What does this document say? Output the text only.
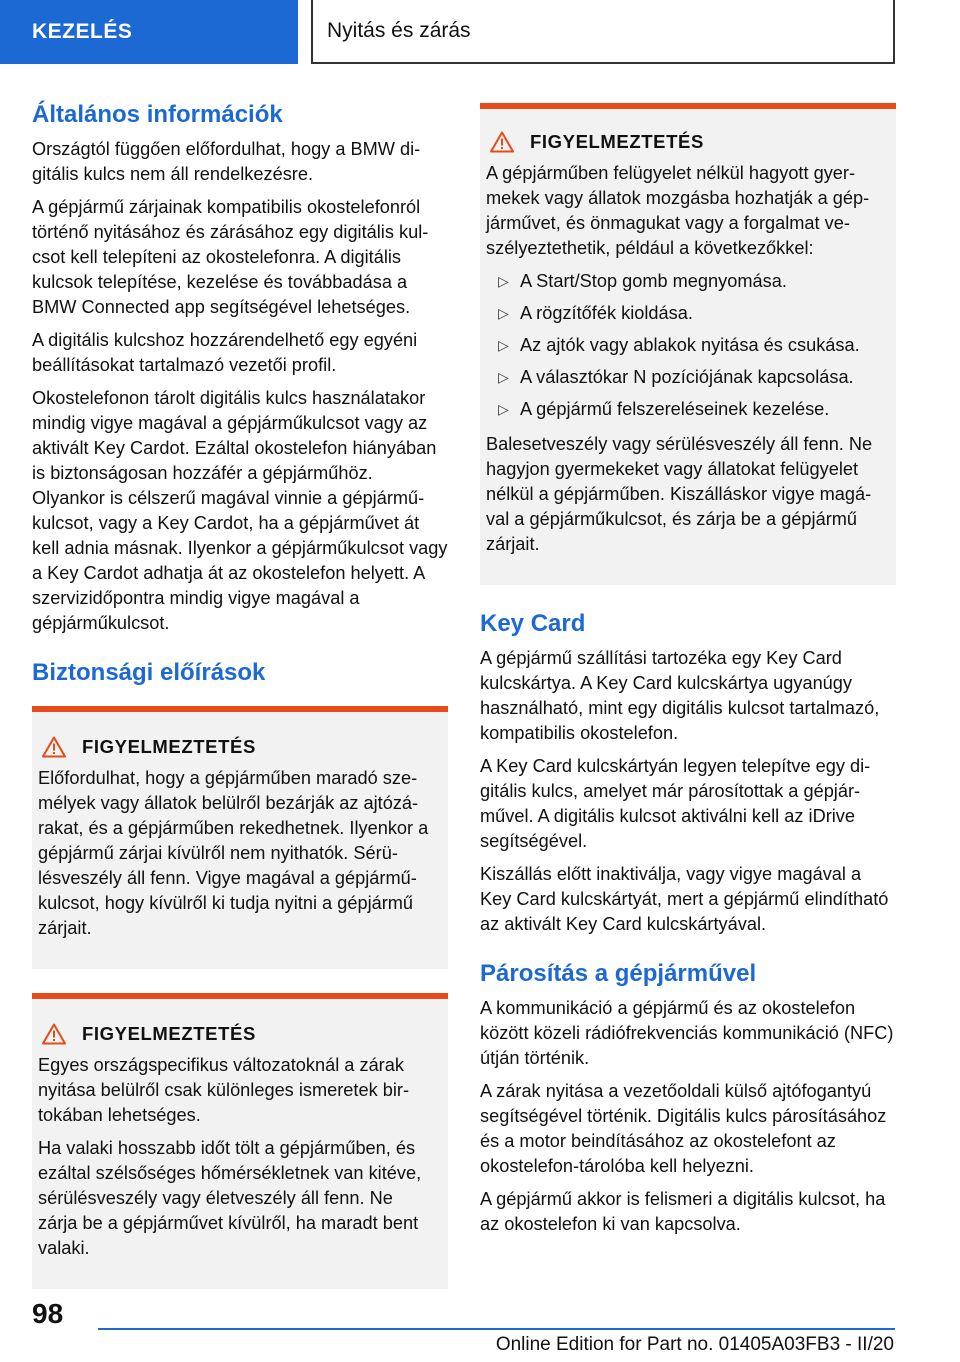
KEZELÉS	Nyitás és zárás
Általános információk

Országtól függően előfordulhat, hogy a BMW digitális kulcs nem áll rendelkezésre.

A gépjármű zárjainak kompatibilis okostelefonról történő nyitásához és zárásához egy digitális kulcsot kell telepíteni az okostelefonra. A digitális kulcsok telepítése, kezelése és továbbadása a BMW Connected app segítségével lehetséges.

A digitális kulcshoz hozzárendelhető egy egyéni beállításokat tartalmazó vezetői profil.

Okostelefonon tárolt digitális kulcs használatakor mindig vigye magával a gépjárműkulcsot vagy az aktivált Key Cardot. Ezáltal okostelefon hiányában is biztonságosan hozzáfér a gépjárműhöz. Olyankor is célszerű magával vinnie a gépjárműkulcsot, vagy a Key Cardot, ha a gépjárművet át kell adnia másnak. Ilyenkor a gépjárműkulcsot vagy a Key Cardot adhatja át az okostelefon helyett. A szervizidőpontra mindig vigye magával a gépjárműkulcsot.

Biztonsági előírások
FIGYELMEZTETÉS

Előfordulhat, hogy a gépjárműben maradó személyek vagy állatok belülről bezárják az ajtózárakat, és a gépjárműben rekedhetnek. Ilyenkor a gépjármű zárjai kívülről nem nyithatók. Sérülésveszély áll fenn. Vigye magával a gépjárműkulcsot, hogy kívülről ki tudja nyitni a gépjármű zárjait.

FIGYELMEZTETÉS

Egyes országspecifikus változatoknál a zárak nyitása belülről csak különleges ismeretek birtokában lehetséges.

Ha valaki hosszabb időt tölt a gépjárműben, és ezáltal szélsőséges hőmérsékletnek van kitéve, sérülésveszély vagy életveszély áll fenn. Ne zárja be a gépjárművet kívülről, ha maradt bent valaki.

FIGYELMEZTETÉS

A gépjárműben felügyelet nélkül hagyott gyermekek vagy állatok mozgásba hozhatják a gépjárművet, és önmagukat vagy a forgalmat veszélyeztethetik, például a következőkkel:

▷ A Start/Stop gomb megnyomása.
▷ A rögzítőfék kioldása.
▷ Az ajtók vagy ablakok nyitása és csukása.
▷ A választókar N pozíciójának kapcsolása.
▷ A gépjármű felszereléseinek kezelése.

Balesetveszély vagy sérülésveszély áll fenn. Ne hagyjon gyermekeket vagy állatokat felügyelet nélkül a gépjárműben. Kiszálláskor vigye magával a gépjárműkulcsot, és zárja be a gépjármű zárjait.

Key Card

A gépjármű szállítási tartozéka egy Key Card kulcskártya. A Key Card kulcskártya ugyanúgy használható, mint egy digitális kulcsot tartalmazó, kompatibilis okostelefon.

A Key Card kulcskártyán legyen telepítve egy digitális kulcs, amelyet már párosítottak a gépjárművel. A digitális kulcsot aktiválni kell az iDrive segítségével.

Kiszállás előtt inaktiválja, vagy vigye magával a Key Card kulcskártyát, mert a gépjármű elindítható az aktivált Key Card kulcskártyával.

Párosítás a gépjárművel

A kommunikáció a gépjármű és az okostelefon között közeli rádiófrekvenciás kommunikáció (NFC) útján történik.

A zárak nyitása a vezetőoldali külső ajtófogantyú segítségével történik. Digitális kulcs párosításához és a motor beindításához az okostelefont az okostelefon-tárolóba kell helyezni.

A gépjármű akkor is felismeri a digitális kulcsot, ha az okostelefon ki van kapcsolva.

98
Online Edition for Part no. 01405A03FB3 - II/20
